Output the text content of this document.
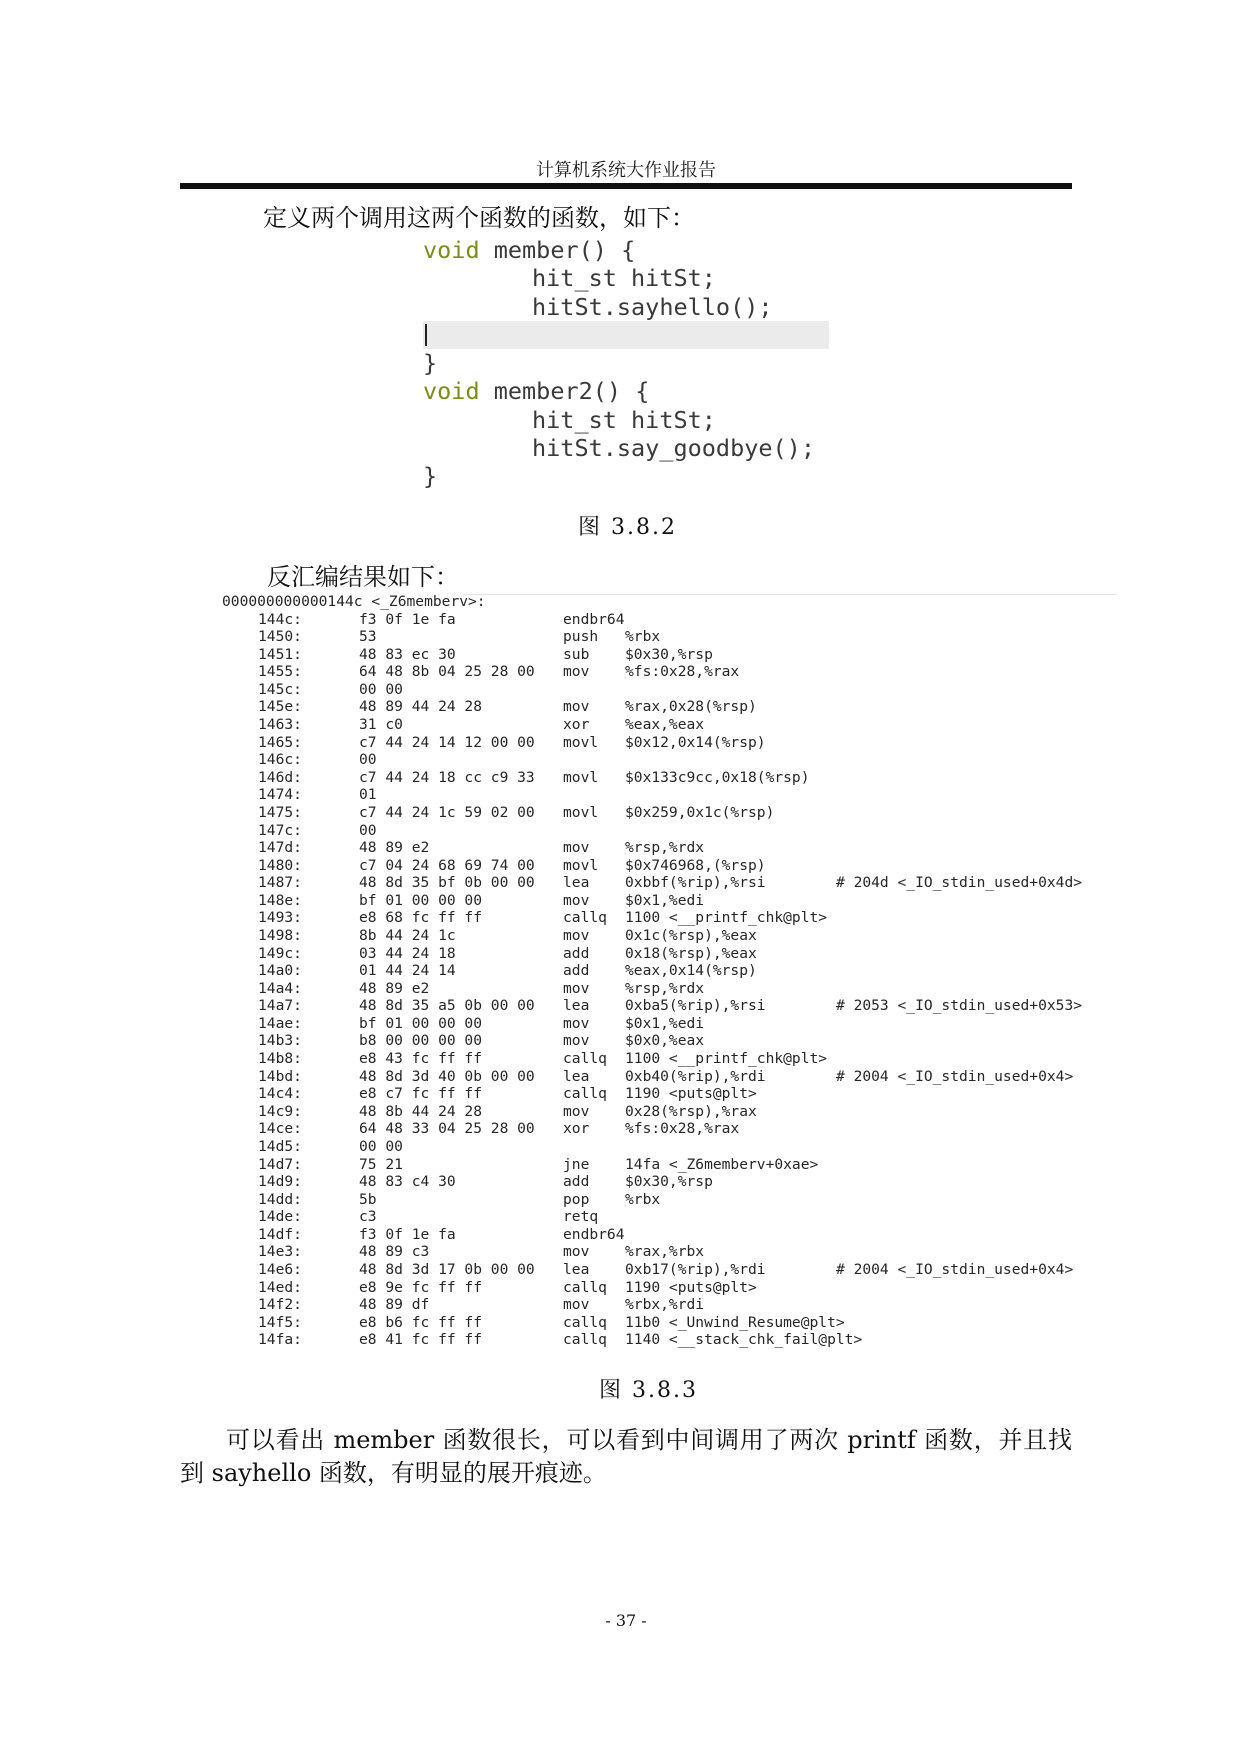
计算机系统大作业报告
定义两个调用这两个函数的函数，如下：
void member() {
hit_st hitSt;
hitSt.sayhello();
}
void member2() {
hit_st hitSt;
hitSt.say_goodbye();
}
图 3.8.2
反汇编结果如下：
000000000000144c <_Z6memberv>:
144c:	f3 0f 1e fa	endbr64
1450:	53	push %rbx
1451:	48 83 ec 30	sub $0x30,%rsp
1455:	64 48 8b 04 25 28 00 mov %fs:0x28,%rax
145c:	00 00
145e:	48 89 44 24 28	mov %rax,0x28(%rsp)
1463:	31 c0	xor %eax,%eax
1465:	c7 44 24 14 12 00 00 movl $0x12,0x14(%rsp)
146c:	00
146d:	c7 44 24 18 cc c9 33 movl $0x133c9cc,0x18(%rsp)
1474:	01
1475:	c7 44 24 1c 59 02 00 movl $0x259,0x1c(%rsp)
147c:	00
147d:	48 89 e2	mov %rsp,%rdx
1480:	c7 04 24 68 69 74 00 movl $0x746968,(%rsp)
1487:	48 8d 35 bf 0b 00 00 lea 0xbbf(%rip),%rsi	# 204d <_IO_stdin_used+0x4d>
148e:	bf 01 00 00 00	mov $0x1,%edi
1493:	e8 68 fc ff ff	callq 1100 <__printf_chk@plt>
1498:	8b 44 24 1c	mov 0x1c(%rsp),%eax
149c:	03 44 24 18	add 0x18(%rsp),%eax
14a0:	01 44 24 14	add %eax,0x14(%rsp)
14a4:	48 89 e2	mov %rsp,%rdx
14a7:	48 8d 35 a5 0b 00 00 lea 0xba5(%rip),%rsi	# 2053 <_IO_stdin_used+0x53>
14ae:	bf 01 00 00 00	mov $0x1,%edi
14b3:	b8 00 00 00 00	mov $0x0,%eax
14b8:	e8 43 fc ff ff	callq 1100 <__printf_chk@plt>
14bd:	48 8d 3d 40 0b 00 00 lea 0xb40(%rip),%rdi	# 2004 <_IO_stdin_used+0x4>
14c4:	e8 c7 fc ff ff	callq 1190 <puts@plt>
14c9:	48 8b 44 24 28	mov 0x28(%rsp),%rax
14ce:	64 48 33 04 25 28 00 xor %fs:0x28,%rax
14d5:	00 00
14d7:	75 21	jne 14fa <_Z6memberv+0xae>
14d9:	48 83 c4 30	add $0x30,%rsp
14dd:	5b	pop %rbx
14de:	c3	retq
14df:	f3 0f 1e fa	endbr64
14e3:	48 89 c3	mov %rax,%rbx
14e6:	48 8d 3d 17 0b 00 00 lea 0xb17(%rip),%rdi	# 2004 <_IO_stdin_used+0x4>
14ed:	e8 9e fc ff ff	callq 1190 <puts@plt>
14f2:	48 89 df	mov %rbx,%rdi
14f5:	e8 b6 fc ff ff	callq 11b0 <_Unwind_Resume@plt>
14fa:	e8 41 fc ff ff	callq 1140 <__stack_chk_fail@plt>
图 3.8.3
可以看出 member 函数很长，可以看到中间调用了两次 printf 函数，并且找
到 sayhello 函数，有明显的展开痕迹。
- 37 -
